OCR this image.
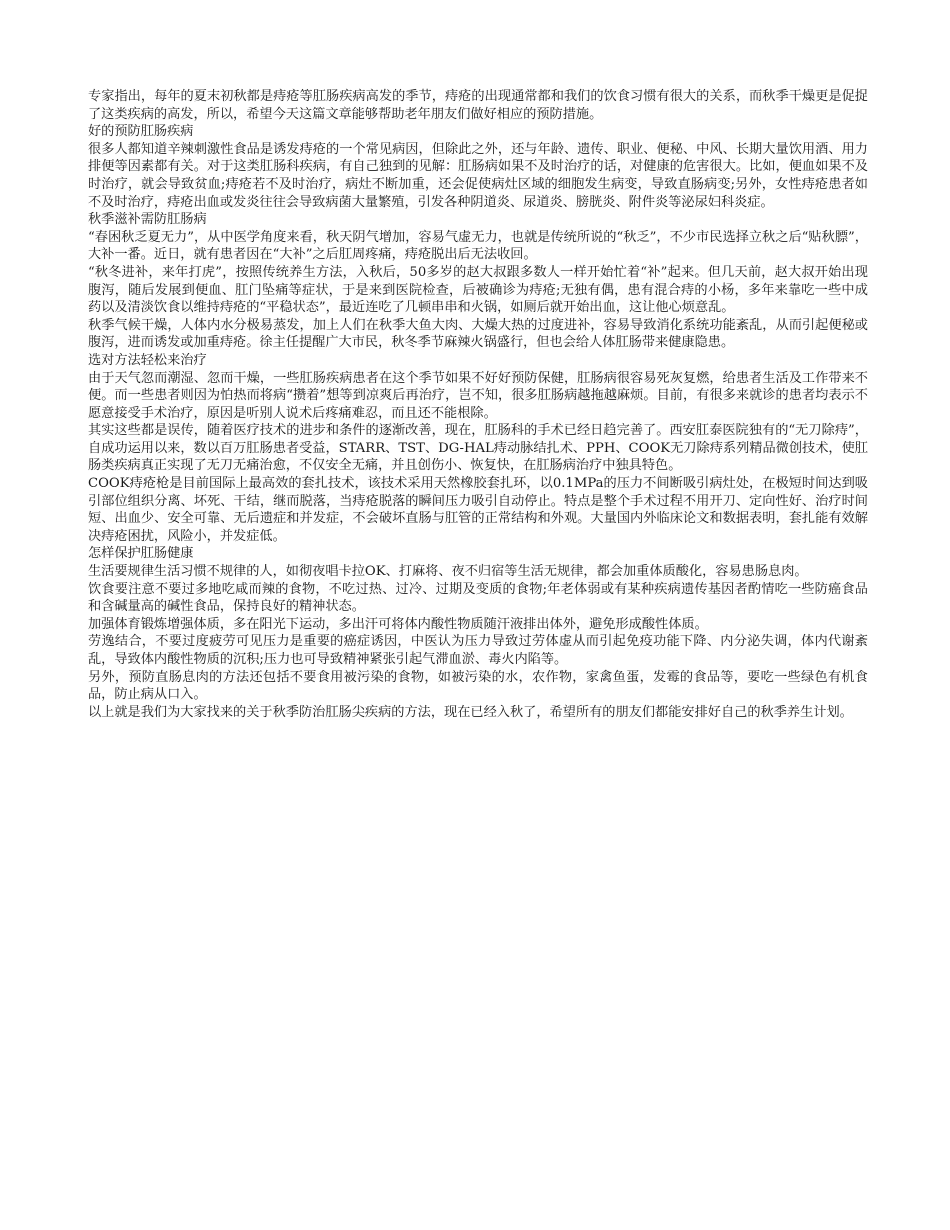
专家指出，每年的夏末初秋都是痔疮等肛肠疾病高发的季节，痔疮的出现通常都和我们的饮食习惯有很大的关系，而秋季干燥更是促捉了这类疾病的高发，所以，希望今天这篇文章能够帮助老年朋友们做好相应的预防措施。

好的预防肛肠疾病

很多人都知道辛辣刺激性食品是诱发痔疮的一个常见病因，但除此之外，还与年龄、遗传、职业、便秘、中风、长期大量饮用酒、用力排便等因素都有关。对于这类肛肠科疾病，有自己独到的见解：肛肠病如果不及时治疗的话，对健康的危害很大。比如，便血如果不及时治疗，就会导致贫血;痔疮若不及时治疗，病灶不断加重，还会促使病灶区域的细胞发生病变，导致直肠病变;另外，女性痔疮患者如不及时治疗，痔疮出血或发炎往往会导致病菌大量繁殖，引发各种阴道炎、尿道炎、膀胱炎、附件炎等泌尿妇科炎症。

秋季滋补需防肛肠病

“春困秋乏夏无力”，从中医学角度来看，秋天阴气增加，容易气虚无力，也就是传统所说的“秋乏”，不少市民选择立秋之后“贴秋膘”，大补一番。近日，就有患者因在“大补”之后肛周疼痛，痔疮脱出后无法收回。

“秋冬进补，来年打虎”，按照传统养生方法，入秋后，50多岁的赵大叔跟多数人一样开始忙着“补”起来。但几天前，赵大叔开始出现腹泻，随后发展到便血、肛门坠痛等症状，于是来到医院检查，后被确诊为痔疮;无独有偶，患有混合痔的小杨，多年来靠吃一些中成药以及清淡饮食以维持痔疮的“平稳状态”，最近连吃了几顿串串和火锅，如厕后就开始出血，这让他心烦意乱。

秋季气候干燥，人体内水分极易蒸发，加上人们在秋季大鱼大肉、大燥大热的过度进补，容易导致消化系统功能紊乱，从而引起便秘或腹泻，进而诱发或加重痔疮。徐主任提醒广大市民，秋冬季节麻辣火锅盛行，但也会给人体肛肠带来健康隐患。

选对方法轻松来治疗

由于天气忽而潮湿、忽而干燥，一些肛肠疾病患者在这个季节如果不好好预防保健，肛肠病很容易死灰复燃，给患者生活及工作带来不便。而一些患者则因为怕热而将病“攒着”想等到凉爽后再治疗，岂不知，很多肛肠病越拖越麻烦。目前，有很多来就诊的患者均表示不愿意接受手术治疗，原因是听别人说术后疼痛难忍，而且还不能根除。

其实这些都是误传，随着医疗技术的进步和条件的逐渐改善，现在，肛肠科的手术已经日趋完善了。西安肛泰医院独有的“无刀除痔”，自成功运用以来，数以百万肛肠患者受益，STARR、TST、DG-HAL痔动脉结扎术、PPH、COOK无刀除痔系列精品微创技术，使肛肠类疾病真正实现了无刀无痛治愈，不仅安全无痛，并且创伤小、恢复快，在肛肠病治疗中独具特色。

COOK痔疮枪是目前国际上最高效的套扎技术，该技术采用天然橡胶套扎环，以0.1MPa的压力不间断吸引病灶处，在极短时间达到吸引部位组织分离、坏死、干结，继而脱落，当痔疮脱落的瞬间压力吸引自动停止。特点是整个手术过程不用开刀、定向性好、治疗时间短、出血少、安全可靠、无后遗症和并发症，不会破坏直肠与肛管的正常结构和外观。大量国内外临床论文和数据表明，套扎能有效解决痔疮困扰，风险小，并发症低。

怎样保护肛肠健康

生活要规律生活习惯不规律的人，如彻夜唱卡拉OK、打麻将、夜不归宿等生活无规律，都会加重体质酸化，容易患肠息肉。

饮食要注意不要过多地吃咸而辣的食物，不吃过热、过冷、过期及变质的食物;年老体弱或有某种疾病遗传基因者酌情吃一些防癌食品和含碱量高的碱性食品，保持良好的精神状态。

加强体育锻炼增强体质，多在阳光下运动，多出汗可将体内酸性物质随汗液排出体外，避免形成酸性体质。

劳逸结合，不要过度疲劳可见压力是重要的癌症诱因，中医认为压力导致过劳体虚从而引起免疫功能下降、内分泌失调，体内代谢紊乱，导致体内酸性物质的沉积;压力也可导致精神紧张引起气滞血淤、毒火内陷等。

另外，预防直肠息肉的方法还包括不要食用被污染的食物，如被污染的水，农作物，家禽鱼蛋，发霉的食品等，要吃一些绿色有机食品，防止病从口入。

以上就是我们为大家找来的关于秋季防治肛肠尖疾病的方法，现在已经入秋了，希望所有的朋友们都能安排好自己的秋季养生计划。
